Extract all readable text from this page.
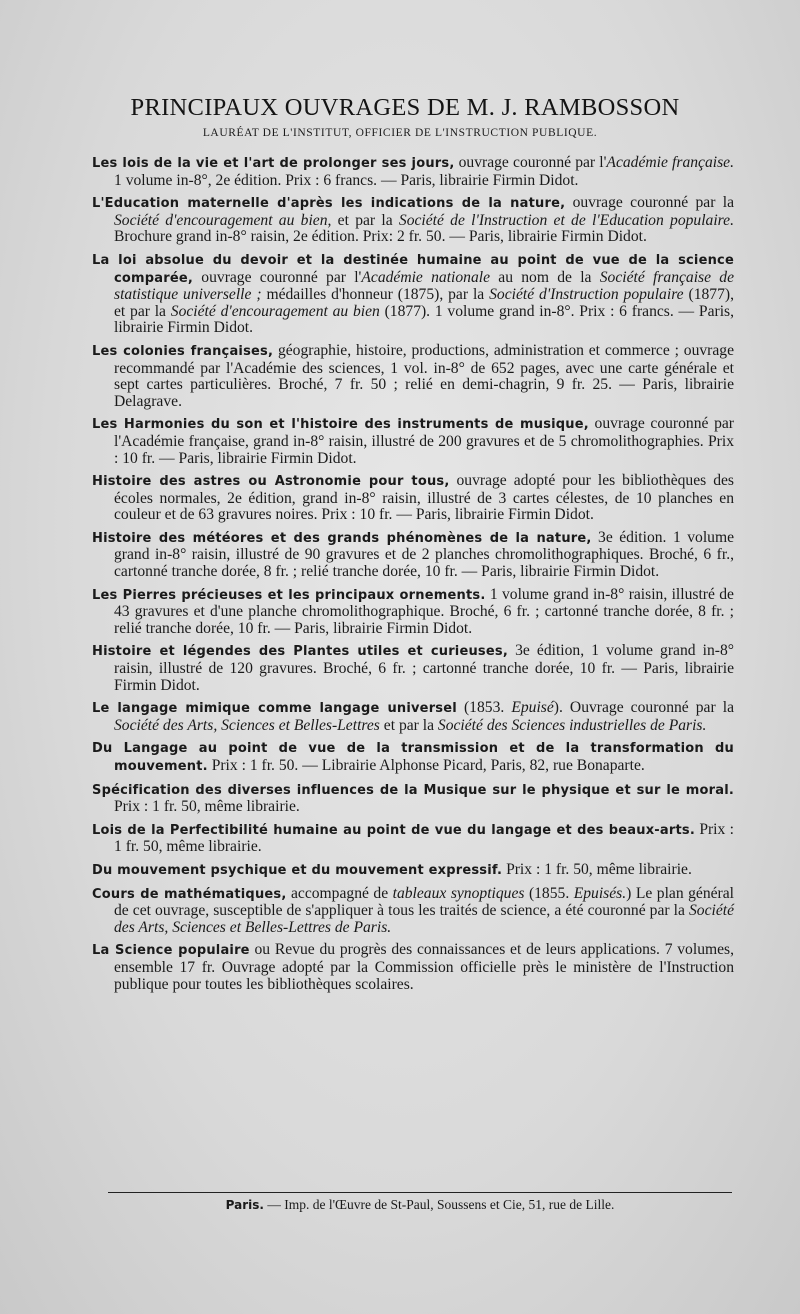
PRINCIPAUX OUVRAGES DE M. J. RAMBOSSON
LAURÉAT DE L'INSTITUT, OFFICIER DE L'INSTRUCTION PUBLIQUE.

Les lois de la vie et l'art de prolonger ses jours, ouvrage couronné par l'Académie française. 1 volume in-8°, 2e édition. Prix : 6 francs. — Paris, librairie Firmin Didot.

L'Education maternelle d'après les indications de la nature, ouvrage couronné par la Société d'encouragement au bien, et par la Société de l'Instruction et de l'Education populaire. Brochure grand in-8° raisin, 2e édition. Prix: 2 fr. 50. — Paris, librairie Firmin Didot.

La loi absolue du devoir et la destinée humaine au point de vue de la science comparée, ouvrage couronné par l'Académie nationale au nom de la Société française de statistique universelle ; médailles d'honneur (1875), par la Société d'Instruction populaire (1877), et par la Société d'encouragement au bien (1877). 1 volume grand in-8°. Prix : 6 francs. — Paris, librairie Firmin Didot.

Les colonies françaises, géographie, histoire, productions, administration et commerce ; ouvrage recommandé par l'Académie des sciences, 1 vol. in-8° de 652 pages, avec une carte générale et sept cartes particulières. Broché, 7 fr. 50 ; relié en demi-chagrin, 9 fr. 25. — Paris, librairie Delagrave.

Les Harmonies du son et l'histoire des instruments de musique, ouvrage couronné par l'Académie française, grand in-8° raisin, illustré de 200 gravures et de 5 chromolithographies. Prix : 10 fr. — Paris, librairie Firmin Didot.

Histoire des astres ou Astronomie pour tous, ouvrage adopté pour les bibliothèques des écoles normales, 2e édition, grand in-8° raisin, illustré de 3 cartes célestes, de 10 planches en couleur et de 63 gravures noires. Prix : 10 fr. — Paris, librairie Firmin Didot.

Histoire des météores et des grands phénomènes de la nature, 3e édition. 1 volume grand in-8° raisin, illustré de 90 gravures et de 2 planches chromolithographiques. Broché, 6 fr., cartonné tranche dorée, 8 fr. ; relié tranche dorée, 10 fr. — Paris, librairie Firmin Didot.

Les Pierres précieuses et les principaux ornements. 1 volume grand in-8° raisin, illustré de 43 gravures et d'une planche chromolithographique. Broché, 6 fr. ; cartonné tranche dorée, 8 fr. ; relié tranche dorée, 10 fr. — Paris, librairie Firmin Didot.

Histoire et légendes des Plantes utiles et curieuses, 3e édition, 1 volume grand in-8° raisin, illustré de 120 gravures. Broché, 6 fr. ; cartonné tranche dorée, 10 fr. — Paris, librairie Firmin Didot.

Le langage mimique comme langage universel (1853. Epuisé). Ouvrage couronné par la Société des Arts, Sciences et Belles-Lettres et par la Société des Sciences industrielles de Paris.

Du Langage au point de vue de la transmission et de la transformation du mouvement. Prix : 1 fr. 50. — Librairie Alphonse Picard, Paris, 82, rue Bonaparte.

Spécification des diverses influences de la Musique sur le physique et sur le moral. Prix : 1 fr. 50, même librairie.

Lois de la Perfectibilité humaine au point de vue du langage et des beaux-arts. Prix : 1 fr. 50, même librairie.

Du mouvement psychique et du mouvement expressif. Prix : 1 fr. 50, même librairie.

Cours de mathématiques, accompagné de tableaux synoptiques (1855. Epuisés.) Le plan général de cet ouvrage, susceptible de s'appliquer à tous les traités de science, a été couronné par la Société des Arts, Sciences et Belles-Lettres de Paris.

La Science populaire ou Revue du progrès des connaissances et de leurs applications. 7 volumes, ensemble 17 fr. Ouvrage adopté par la Commission officielle près le ministère de l'Instruction publique pour toutes les bibliothèques scolaires.

Paris. — Imp. de l'Œuvre de St-Paul, Soussens et Cie, 51, rue de Lille.
